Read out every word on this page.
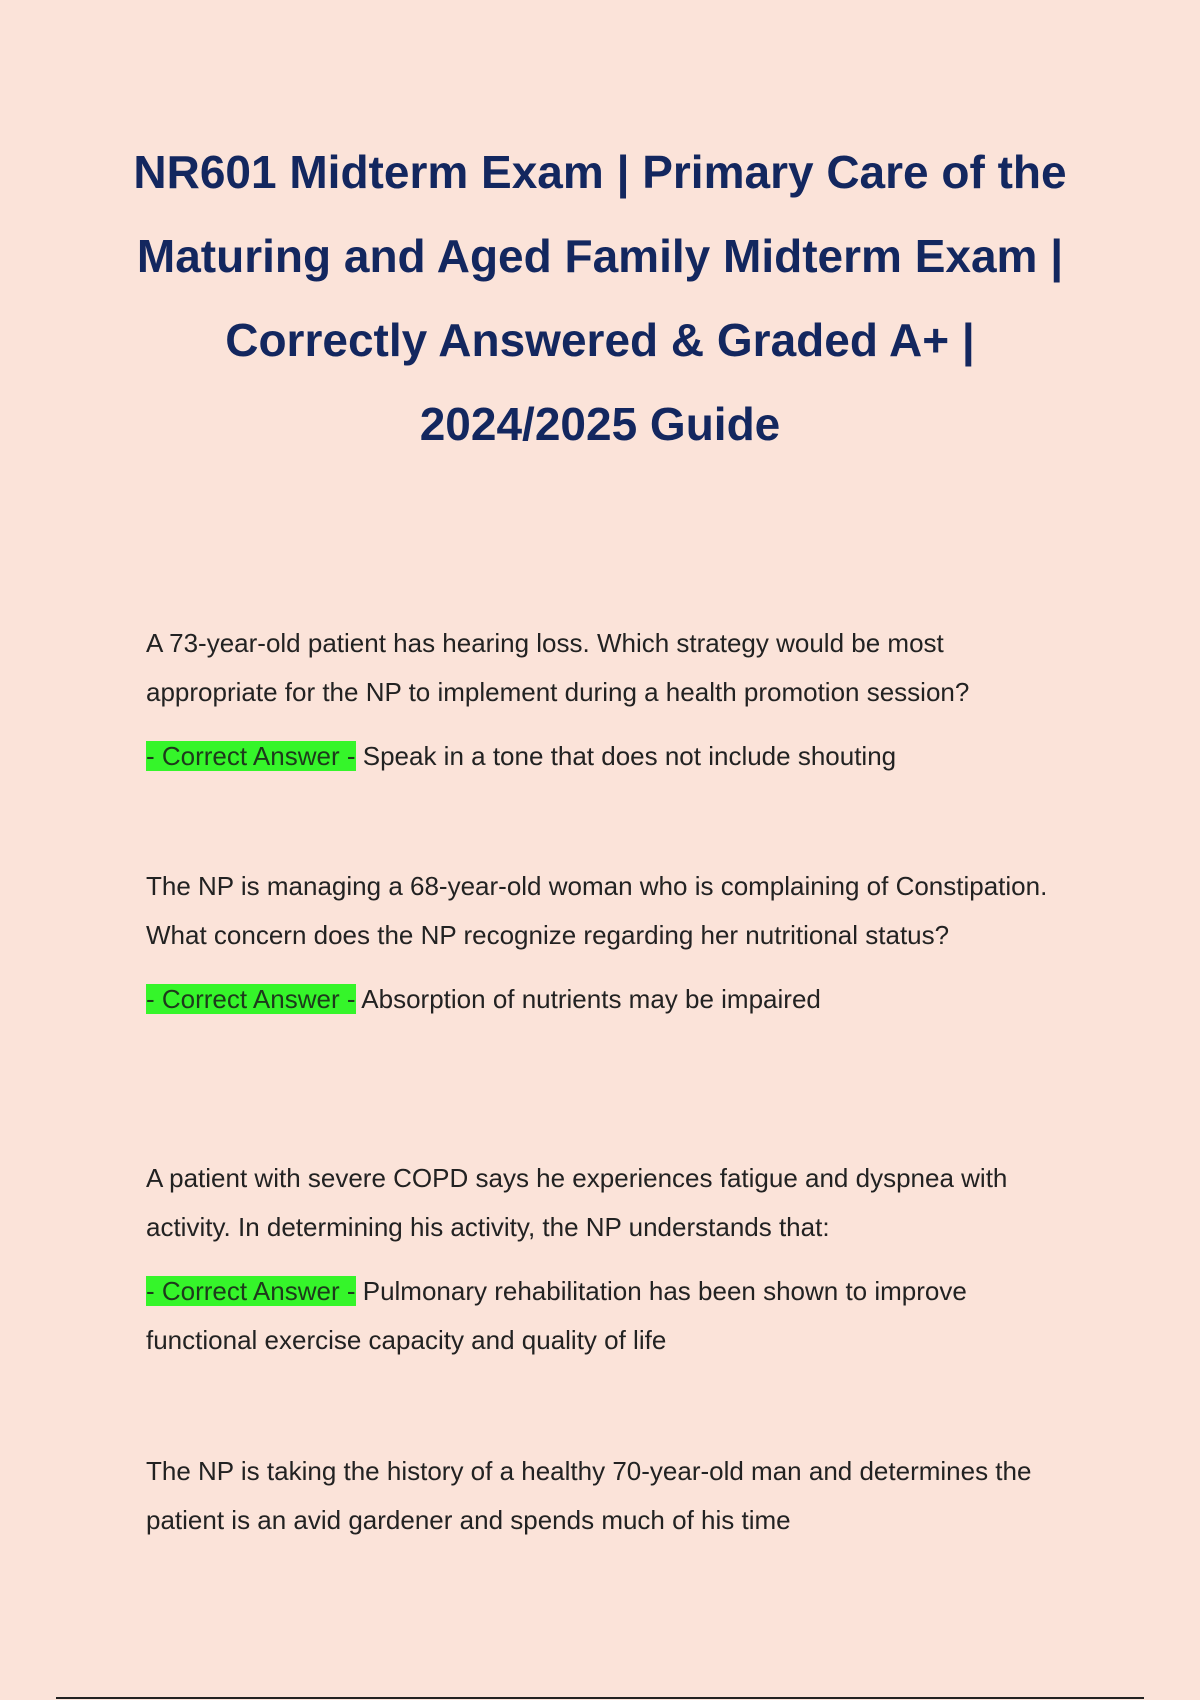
NR601 Midterm Exam | Primary Care of the Maturing and Aged Family Midterm Exam | Correctly Answered & Graded A+ | 2024/2025 Guide

A 73-year-old patient has hearing loss. Which strategy would be most appropriate for the NP to implement during a health promotion session?

- Correct Answer - Speak in a tone that does not include shouting

The NP is managing a 68-year-old woman who is complaining of Constipation. What concern does the NP recognize regarding her nutritional status?

- Correct Answer - Absorption of nutrients may be impaired

A patient with severe COPD says he experiences fatigue and dyspnea with activity. In determining his activity, the NP understands that:

- Correct Answer - Pulmonary rehabilitation has been shown to improve functional exercise capacity and quality of life

The NP is taking the history of a healthy 70-year-old man and determines the patient is an avid gardener and spends much of his time
